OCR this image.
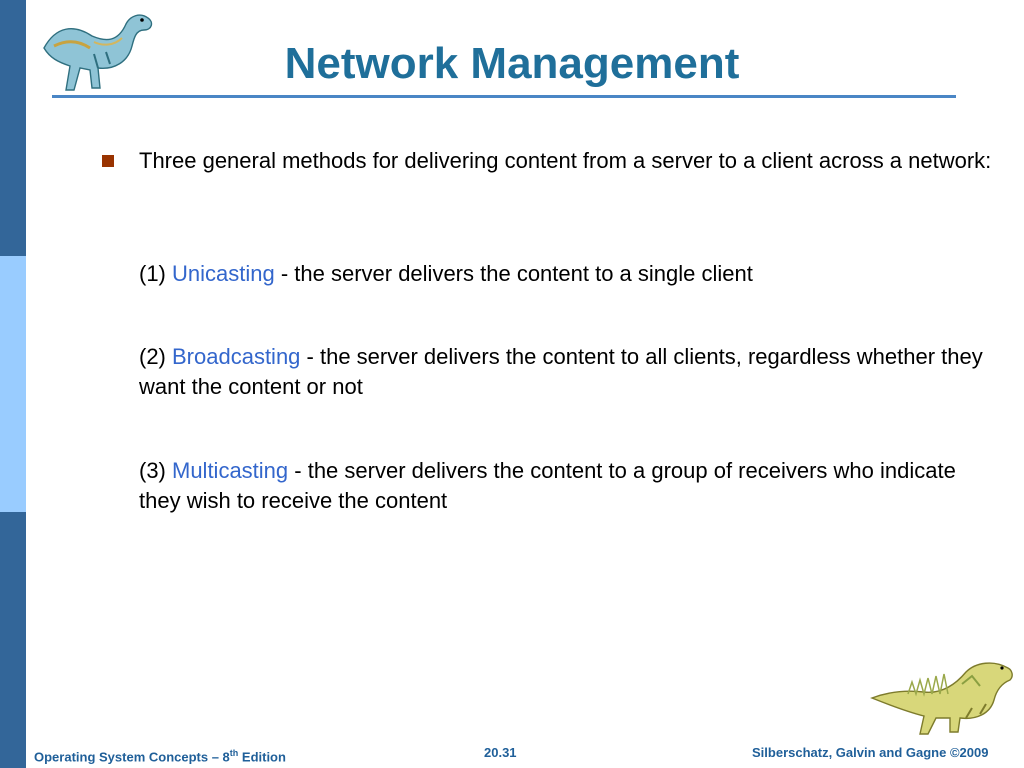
Network Management
Three general methods for delivering content from a server to a client across a network:
(1) Unicasting - the server delivers the content to a single client
(2) Broadcasting - the server delivers the content to all clients, regardless whether they want the content or not
(3) Multicasting - the server delivers the content to a group of receivers who indicate they wish to receive the content
Operating System Concepts – 8th Edition	20.31	Silberschatz, Galvin and Gagne ©2009
